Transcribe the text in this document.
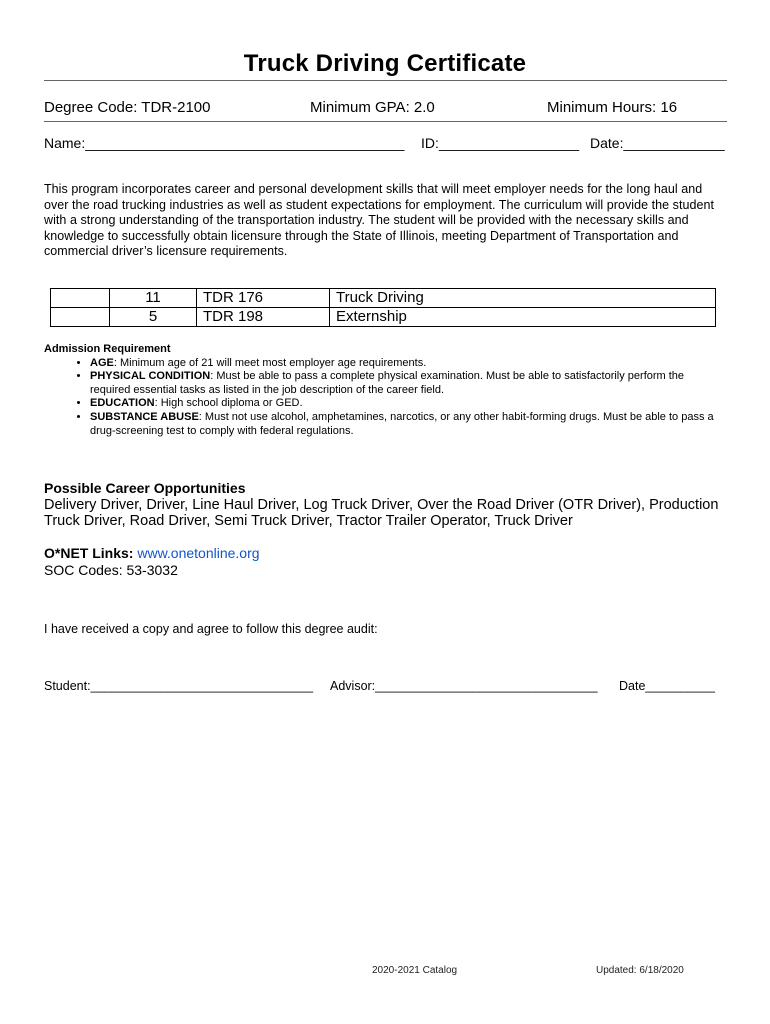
Truck Driving Certificate
Degree Code: TDR-2100	Minimum GPA: 2.0	Minimum Hours: 16
Name:_________________________________________ ID:__________________ Date:_____________
This program incorporates career and personal development skills that will meet employer needs for the long haul and over the road trucking industries as well as student expectations for employment. The curriculum will provide the student with a strong understanding of the transportation industry. The student will be provided with the necessary skills and knowledge to successfully obtain licensure through the State of Illinois, meeting Department of Transportation and commercial driver’s licensure requirements.
	11	TDR 176	Truck Driving
	5	TDR 198	Externship
Admission Requirement
• AGE: Minimum age of 21 will meet most employer age requirements.
• PHYSICAL CONDITION: Must be able to pass a complete physical examination. Must be able to satisfactorily perform the required essential tasks as listed in the job description of the career field.
• EDUCATION: High school diploma or GED.
• SUBSTANCE ABUSE: Must not use alcohol, amphetamines, narcotics, or any other habit-forming drugs. Must be able to pass a drug-screening test to comply with federal regulations.
Possible Career Opportunities
Delivery Driver, Driver, Line Haul Driver, Log Truck Driver, Over the Road Driver (OTR Driver), Production Truck Driver, Road Driver, Semi Truck Driver, Tractor Trailer Operator, Truck Driver
O*NET Links: www.onetonline.org
SOC Codes: 53-3032
I have received a copy and agree to follow this degree audit:
Student:________________________________ Advisor:________________________________ Date__________
2020-2021 Catalog	Updated: 6/18/2020
